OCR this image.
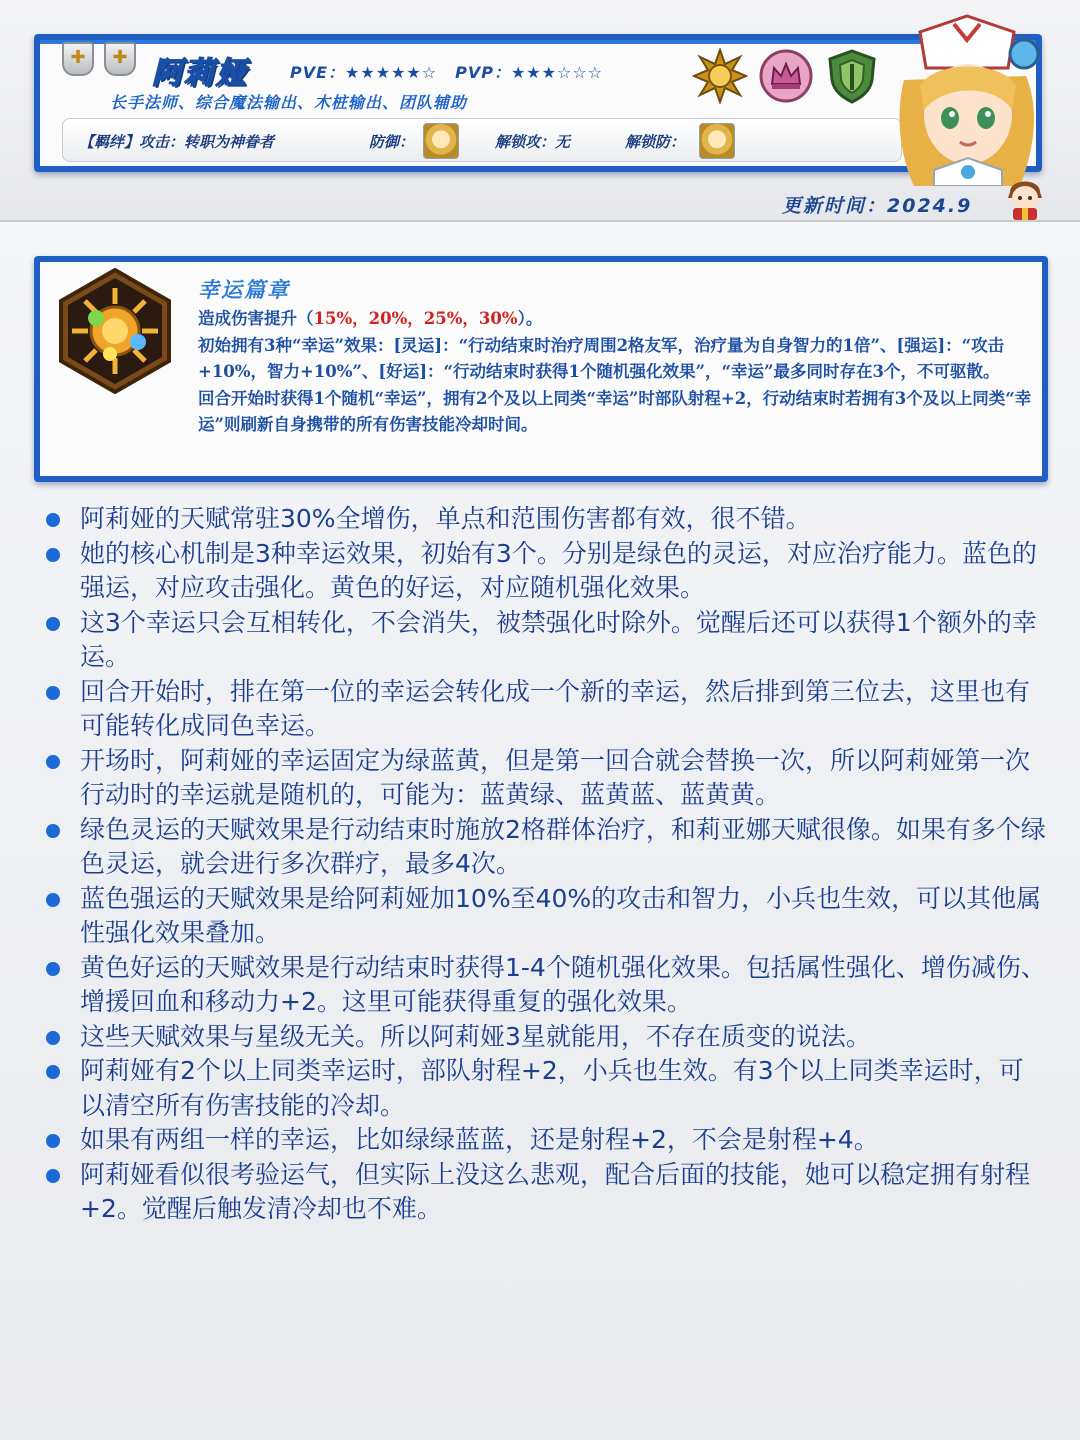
✚	✚ 阿莉娅	PVE：★★★★★☆ PVP：★★★☆☆☆
长手法师、综合魔法输出、木桩输出、团队辅助
【羁绊】攻击：转职为神眷者	防御：	解锁攻：无	解锁防：
更新时间：2024.9
幸运篇章

造成伤害提升（15%，20%，25%，30%）。

初始拥有3种“幸运”效果：[灵运]：“行动结束时治疗周围2格友军，治疗量为自身智力的1倍”、[强运]：“攻击+10%，智力+10%”、[好运]：“行动结束时获得1个随机强化效果”，“幸运”最多同时存在3个，不可驱散。

回合开始时获得1个随机“幸运”，拥有2个及以上同类“幸运”时部队射程+2，行动结束时若拥有3个及以上同类“幸运”则刷新自身携带的所有伤害技能冷却时间。

阿莉娅的天赋常驻30%全增伤，单点和范围伤害都有效，很不错。
她的核心机制是3种幸运效果，初始有3个。分别是绿色的灵运，对应治疗能力。蓝色的强运，对应攻击强化。黄色的好运，对应随机强化效果。
这3个幸运只会互相转化，不会消失，被禁强化时除外。觉醒后还可以获得1个额外的幸运。
回合开始时，排在第一位的幸运会转化成一个新的幸运，然后排到第三位去，这里也有可能转化成同色幸运。
开场时，阿莉娅的幸运固定为绿蓝黄，但是第一回合就会替换一次，所以阿莉娅第一次行动时的幸运就是随机的，可能为：蓝黄绿、蓝黄蓝、蓝黄黄。
绿色灵运的天赋效果是行动结束时施放2格群体治疗，和莉亚娜天赋很像。如果有多个绿色灵运，就会进行多次群疗，最多4次。
蓝色强运的天赋效果是给阿莉娅加10%至40%的攻击和智力，小兵也生效，可以其他属性强化效果叠加。
黄色好运的天赋效果是行动结束时获得1-4个随机强化效果。包括属性强化、增伤减伤、增援回血和移动力+2。这里可能获得重复的强化效果。
这些天赋效果与星级无关。所以阿莉娅3星就能用，不存在质变的说法。
阿莉娅有2个以上同类幸运时，部队射程+2，小兵也生效。有3个以上同类幸运时，可以清空所有伤害技能的冷却。
如果有两组一样的幸运，比如绿绿蓝蓝，还是射程+2，不会是射程+4。
阿莉娅看似很考验运气，但实际上没这么悲观，配合后面的技能，她可以稳定拥有射程+2。觉醒后触发清冷却也不难。
